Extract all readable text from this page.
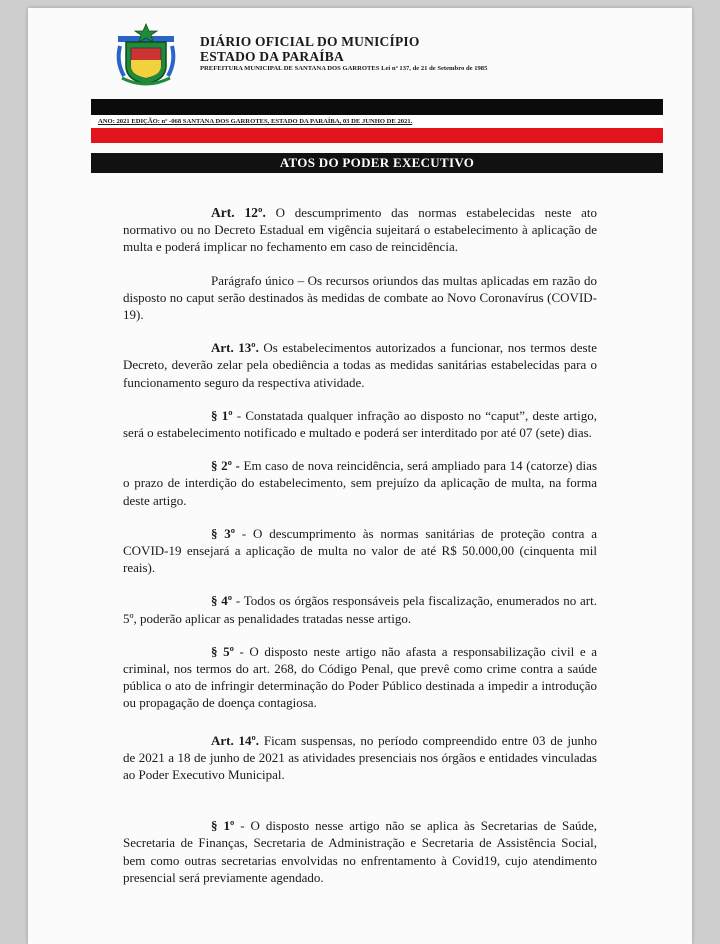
DIÁRIO OFICIAL DO MUNICÍPIO
ESTADO DA PARAÍBA
PREFEITURA MUNICIPAL DE SANTANA DOS GARROTES Lei nº 137, de 21 de Setembro de 1985
ANO: 2021 EDIÇÃO: nº -068 SANTANA DOS GARROTES, ESTADO DA PARAÍBA, 03 DE JUNHO DE 2021.
ATOS DO PODER EXECUTIVO

Art. 12º. O descumprimento das normas estabelecidas neste ato normativo ou no Decreto Estadual em vigência sujeitará o estabelecimento à aplicação de multa e poderá implicar no fechamento em caso de reincidência.

Parágrafo único – Os recursos oriundos das multas aplicadas em razão do disposto no caput serão destinados às medidas de combate ao Novo Coronavírus (COVID-19).

Art. 13º. Os estabelecimentos autorizados a funcionar, nos termos deste Decreto, deverão zelar pela obediência a todas as medidas sanitárias estabelecidas para o funcionamento seguro da respectiva atividade.

§ 1º - Constatada qualquer infração ao disposto no “caput”, deste artigo, será o estabelecimento notificado e multado e poderá ser interditado por até 07 (sete) dias.

§ 2º - Em caso de nova reincidência, será ampliado para 14 (catorze) dias o prazo de interdição do estabelecimento, sem prejuízo da aplicação de multa, na forma deste artigo.

§ 3º - O descumprimento às normas sanitárias de proteção contra a COVID-19 ensejará a aplicação de multa no valor de até R$ 50.000,00 (cinquenta mil reais).

§ 4º - Todos os órgãos responsáveis pela fiscalização, enumerados no art. 5º, poderão aplicar as penalidades tratadas nesse artigo.

§ 5º - O disposto neste artigo não afasta a responsabilização civil e a criminal, nos termos do art. 268, do Código Penal, que prevê como crime contra a saúde pública o ato de infringir determinação do Poder Público destinada a impedir a introdução ou propagação de doença contagiosa.

Art. 14º. Ficam suspensas, no período compreendido entre 03 de junho de 2021 a 18 de junho de 2021 as atividades presenciais nos órgãos e entidades vinculadas ao Poder Executivo Municipal.

§ 1º - O disposto nesse artigo não se aplica às Secretarias de Saúde, Secretaria de Finanças, Secretaria de Administração e Secretaria de Assistência Social, bem como outras secretarias envolvidas no enfrentamento à Covid19, cujo atendimento presencial será previamente agendado.
